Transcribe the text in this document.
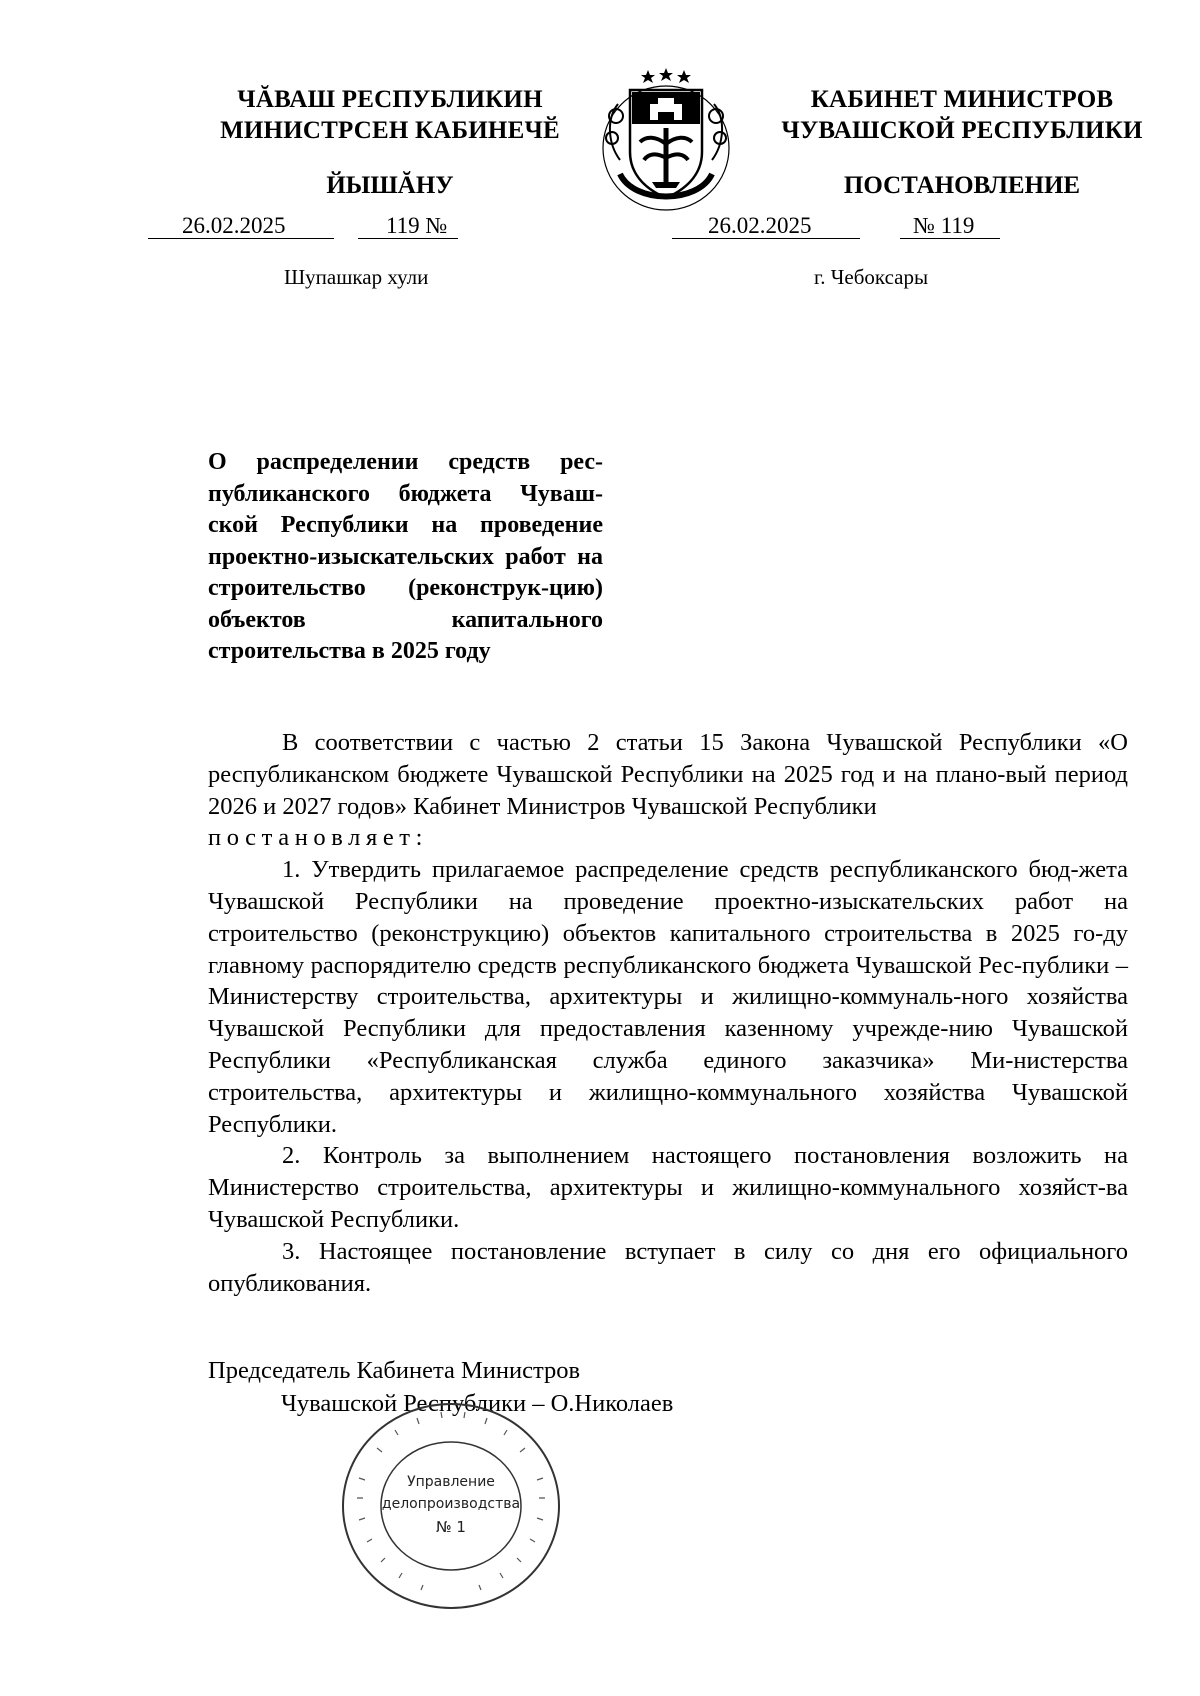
ЧĂВАШ РЕСПУБЛИКИН
МИНИСТРСЕН КАБИНЕЧӖ
ЙЫШĂНУ
КАБИНЕТ МИНИСТРОВ
ЧУВАШСКОЙ РЕСПУБЛИКИ
ПОСТАНОВЛЕНИЕ
26.02.2025	119 №	26.02.2025	№ 119
Шупашкар хули	г. Чебоксары
О распределении средств рес-публиканского бюджета Чуваш-ской Республики на проведение проектно-изыскательских работ на строительство (реконструк-цию) объектов капитального строительства в 2025 году

В соответствии с частью 2 статьи 15 Закона Чувашской Республики «О республиканском бюджете Чувашской Республики на 2025 год и на плано-вый период 2026 и 2027 годов» Кабинет Министров Чувашской Республики

постановляет:

1. Утвердить прилагаемое распределение средств республиканского бюд-жета Чувашской Республики на проведение проектно-изыскательских работ на строительство (реконструкцию) объектов капитального строительства в 2025 го-ду главному распорядителю средств республиканского бюджета Чувашской Рес-публики – Министерству строительства, архитектуры и жилищно-коммуналь-ного хозяйства Чувашской Республики для предоставления казенному учрежде-нию Чувашской Республики «Республиканская служба единого заказчика» Ми-нистерства строительства, архитектуры и жилищно-коммунального хозяйства Чувашской Республики.

2. Контроль за выполнением настоящего постановления возложить на Министерство строительства, архитектуры и жилищно-коммунального хозяйст-ва Чувашской Республики.

3. Настоящее постановление вступает в силу со дня его официального опубликования.

Председатель Кабинета Министров
Чувашской Республики – О.Николаев
Управление
делопроизводства
№ 1
